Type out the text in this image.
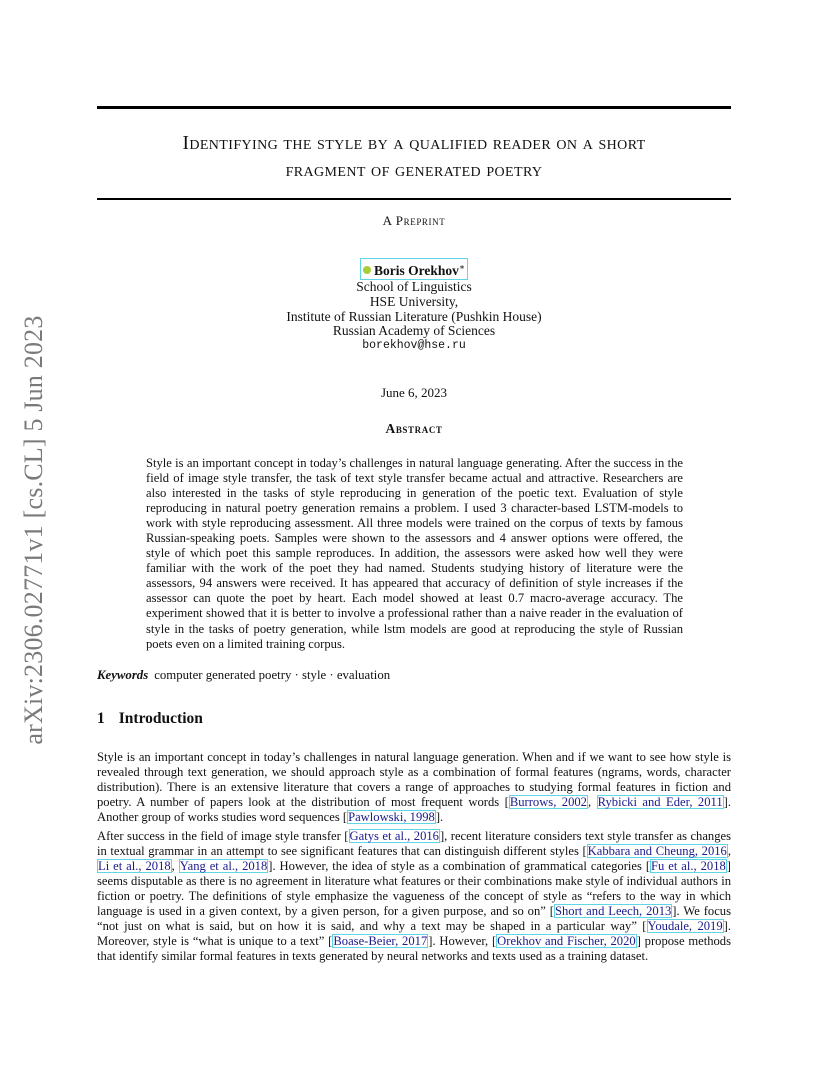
arXiv:2306.02771v1 [cs.CL] 5 Jun 2023
Identifying the style by a qualified reader on a short
fragment of generated poetry
A Preprint
Boris Orekhov∗
School of Linguistics
HSE University,
Institute of Russian Literature (Pushkin House)
Russian Academy of Sciences
borekhov@hse.ru
June 6, 2023
Abstract
Style is an important concept in today’s challenges in natural language generating. After the success in the field of image style transfer, the task of text style transfer became actual and attractive. Researchers are also interested in the tasks of style reproducing in generation of the poetic text. Evaluation of style reproducing in natural poetry generation remains a problem. I used 3 character-based LSTM-models to work with style reproducing assessment. All three models were trained on the corpus of texts by famous Russian-speaking poets. Samples were shown to the assessors and 4 answer options were offered, the style of which poet this sample reproduces. In addition, the assessors were asked how well they were familiar with the work of the poet they had named. Students studying history of literature were the assessors, 94 answers were received. It has appeared that accuracy of definition of style increases if the assessor can quote the poet by heart. Each model showed at least 0.7 macro-average accuracy. The experiment showed that it is better to involve a professional rather than a naive reader in the evaluation of style in the tasks of poetry generation, while lstm models are good at reproducing the style of Russian poets even on a limited training corpus.
Keywords computer generated poetry · style · evaluation
1 Introduction

Style is an important concept in today’s challenges in natural language generation. When and if we want to see how style is revealed through text generation, we should approach style as a combination of formal features (ngrams, words, character distribution). There is an extensive literature that covers a range of approaches to studying formal features in fiction and poetry. A number of papers look at the distribution of most frequent words [Burrows, 2002, Rybicki and Eder, 2011]. Another group of works studies word sequences [Pawlowski, 1998].

After success in the field of image style transfer [Gatys et al., 2016], recent literature considers text style transfer as changes in textual grammar in an attempt to see significant features that can distinguish different styles [Kabbara and Cheung, 2016, Li et al., 2018, Yang et al., 2018]. However, the idea of style as a combination of grammatical categories [Fu et al., 2018] seems disputable as there is no agreement in literature what features or their combinations make style of individual authors in fiction or poetry. The definitions of style emphasize the vagueness of the concept of style as “refers to the way in which language is used in a given context, by a given person, for a given purpose, and so on” [Short and Leech, 2013]. We focus “not just on what is said, but on how it is said, and why a text may be shaped in a particular way” [Youdale, 2019]. Moreover, style is “what is unique to a text” [Boase-Beier, 2017]. However, [Orekhov and Fischer, 2020] propose methods that identify similar formal features in texts generated by neural networks and texts used as a training dataset.
